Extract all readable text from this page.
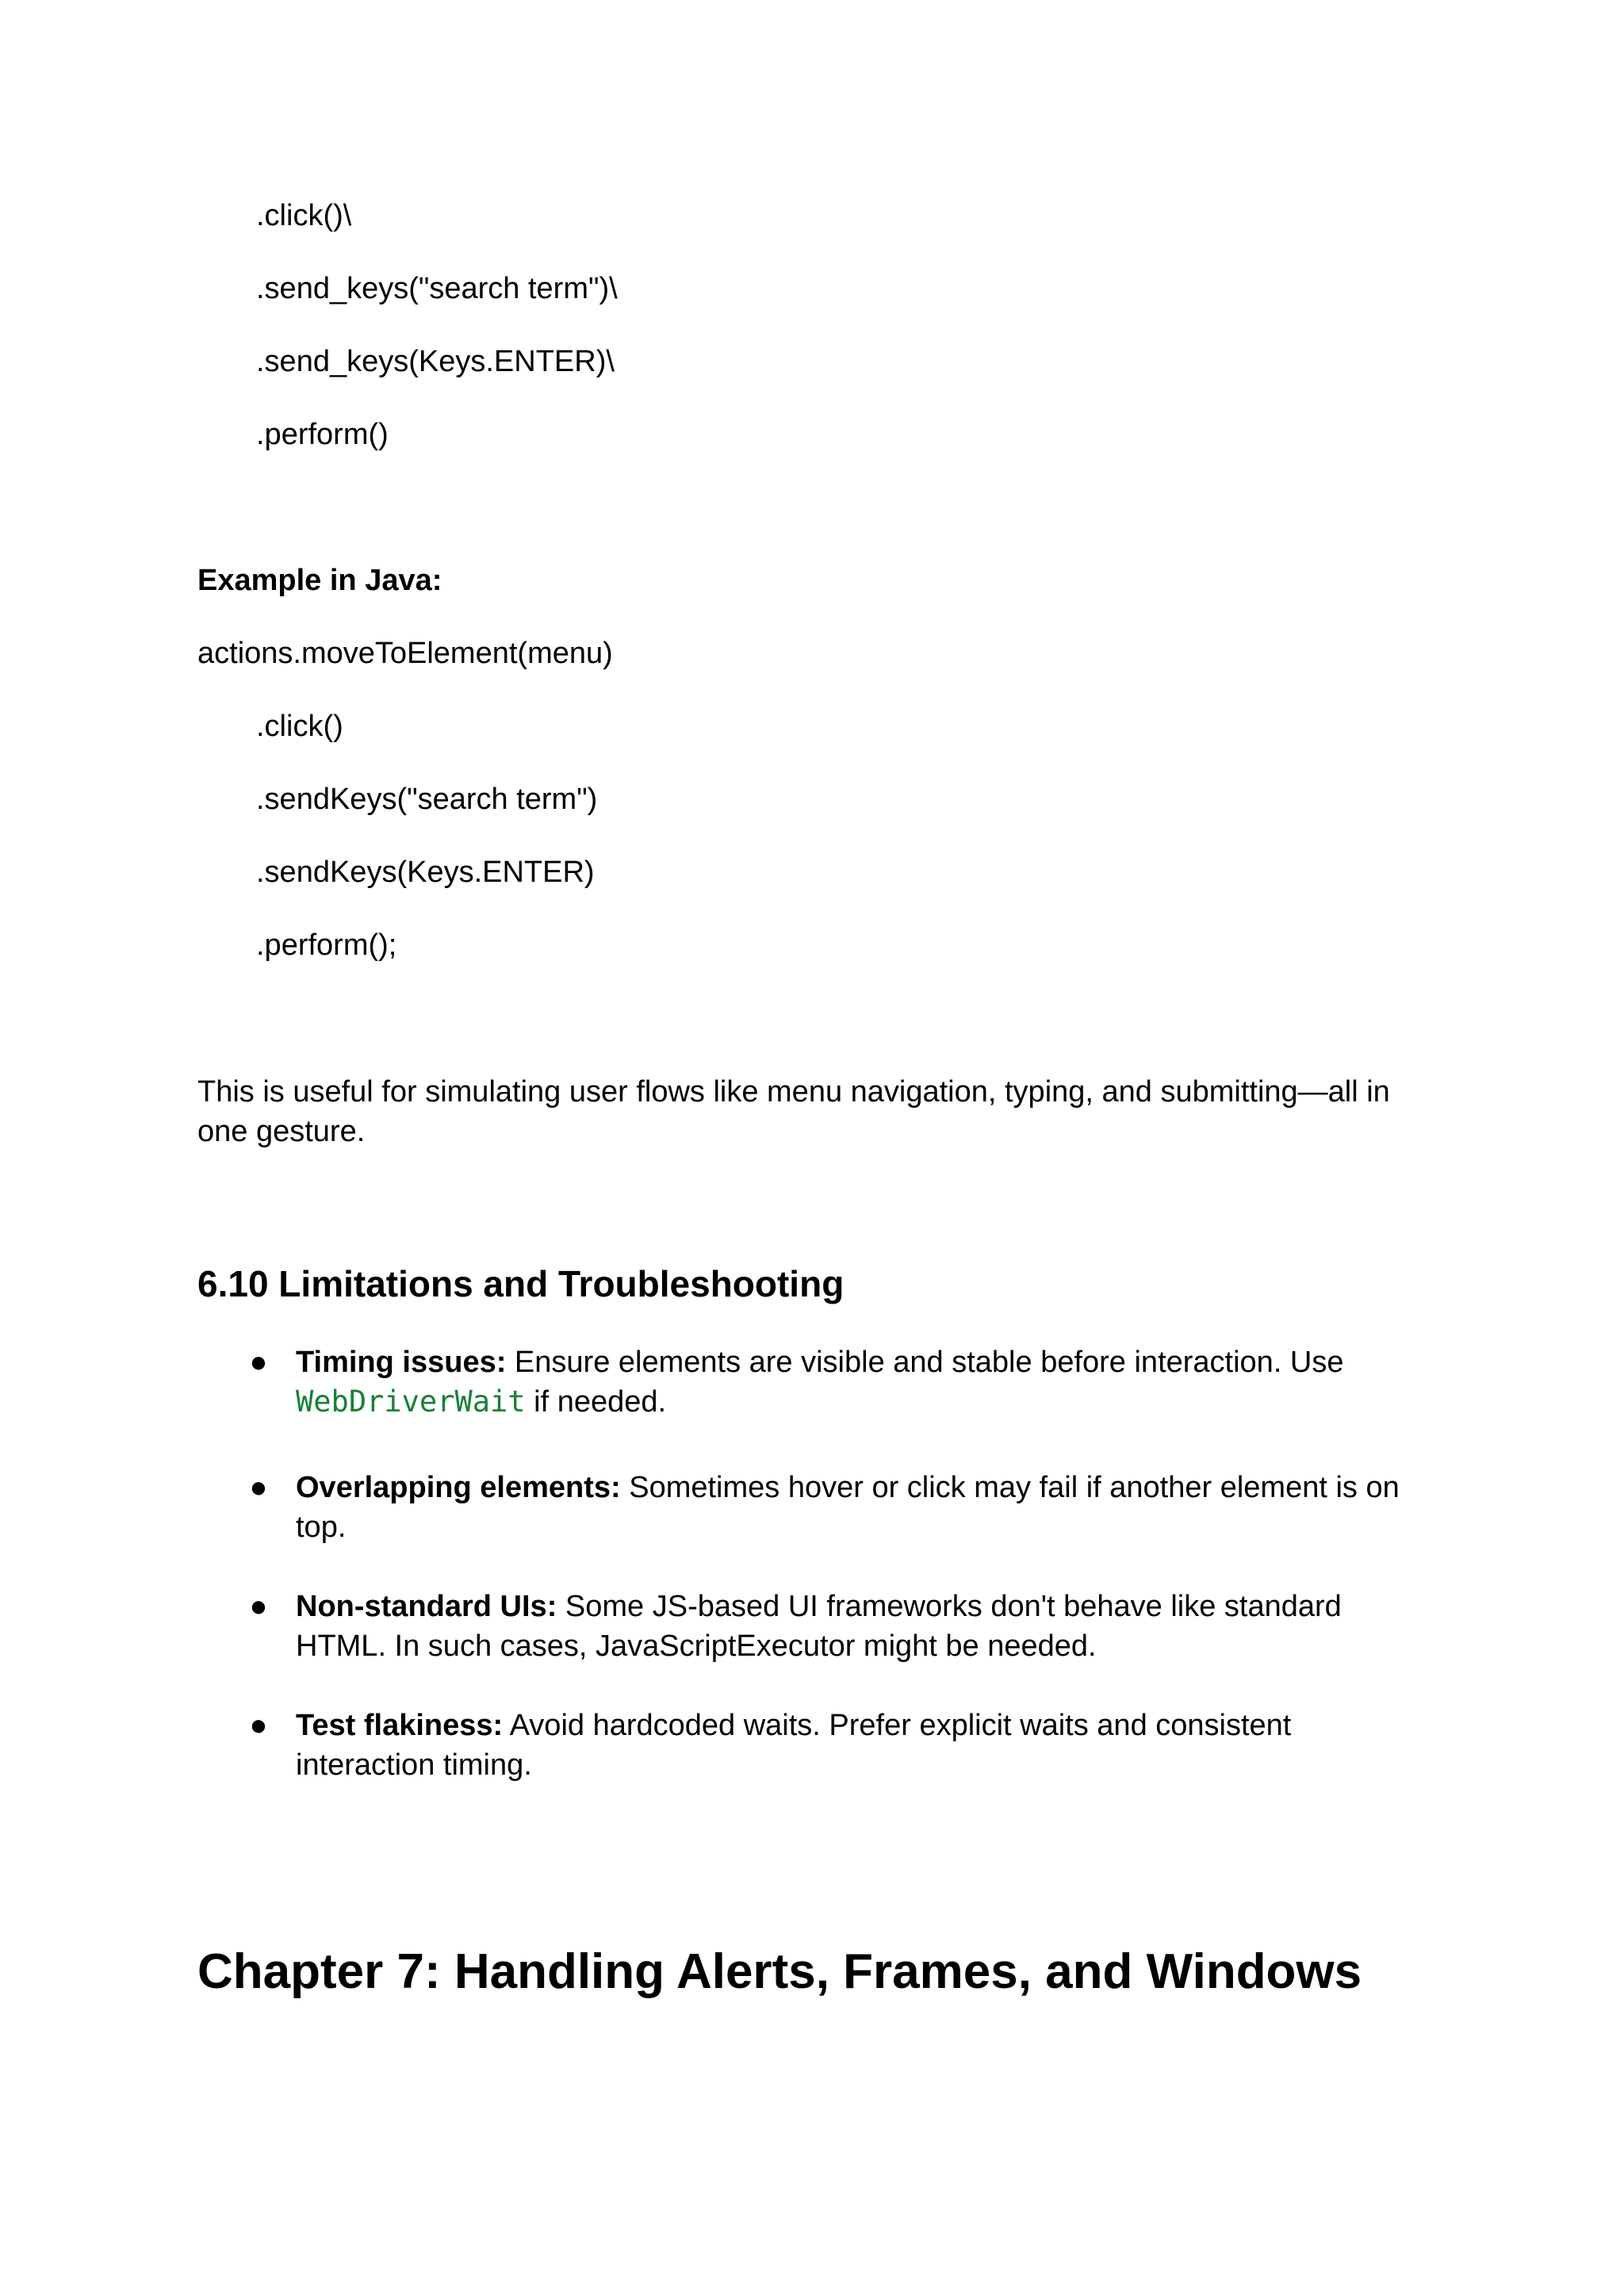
.click()\
.send_keys("search term")\
.send_keys(Keys.ENTER)\
.perform()
Example in Java:
actions.moveToElement(menu)
.click()
.sendKeys("search term")
.sendKeys(Keys.ENTER)
.perform();
This is useful for simulating user flows like menu navigation, typing, and submitting—all in one gesture.
6.10 Limitations and Troubleshooting
● Timing issues: Ensure elements are visible and stable before interaction. Use WebDriverWait if needed.
● Overlapping elements: Sometimes hover or click may fail if another element is on top.
● Non-standard UIs: Some JS-based UI frameworks don't behave like standard HTML. In such cases, JavaScriptExecutor might be needed.
● Test flakiness: Avoid hardcoded waits. Prefer explicit waits and consistent interaction timing.
Chapter 7: Handling Alerts, Frames, and Windows
